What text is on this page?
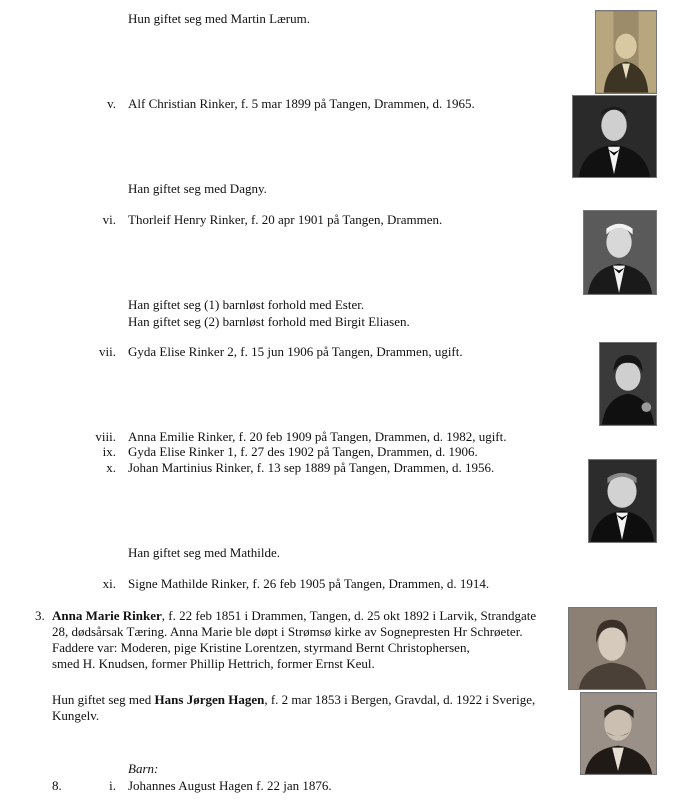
Hun giftet seg med Martin Lærum.
v. Alf Christian Rinker, f. 5 mar 1899 på Tangen, Drammen, d. 1965.
Han giftet seg med Dagny.
vi. Thorleif Henry Rinker, f. 20 apr 1901 på Tangen, Drammen.
Han giftet seg (1) barnløst forhold med Ester.
Han giftet seg (2) barnløst forhold med Birgit Eliasen.
vii. Gyda Elise Rinker 2, f. 15 jun 1906 på Tangen, Drammen, ugift.
viii. Anna Emilie Rinker, f. 20 feb 1909 på Tangen, Drammen, d. 1982, ugift.
ix. Gyda Elise Rinker 1, f. 27 des 1902 på Tangen, Drammen, d. 1906.
x. Johan Martinius Rinker, f. 13 sep 1889 på Tangen, Drammen, d. 1956.
Han giftet seg med Mathilde.
xi. Signe Mathilde Rinker, f. 26 feb 1905 på Tangen, Drammen, d. 1914.
3. Anna Marie Rinker, f. 22 feb 1851 i Drammen, Tangen, d. 25 okt 1892 i Larvik, Strandgate
28, dødsårsak Tæring. Anna Marie ble døpt i Strømsø kirke av Sognepresten Hr Schrøeter.
Faddere var: Moderen, pige Kristine Lorentzen, styrmand Bernt Christophersen,
smed H. Knudsen, former Phillip Hettrich, former Ernst Keul.
Hun giftet seg med Hans Jørgen Hagen, f. 2 mar 1853 i Bergen, Gravdal, d. 1922 i Sverige,
Kungelv.
Barn:
8.	i. Johannes August Hagen f. 22 jan 1876.
